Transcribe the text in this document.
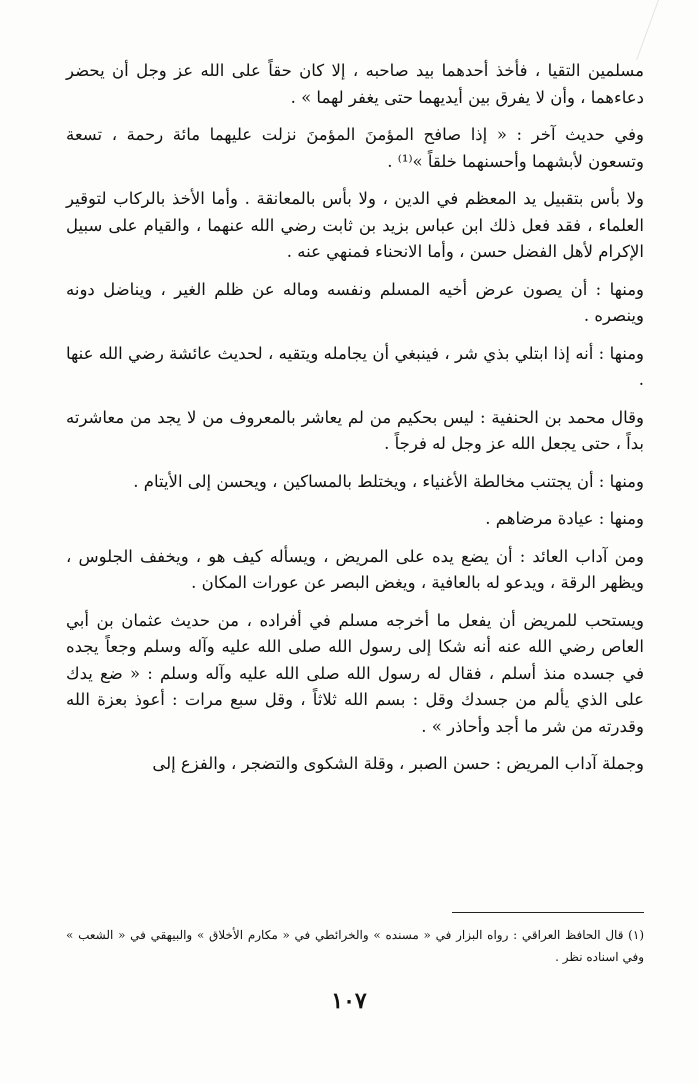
مسلمين التقيا ، فأخذ أحدهما بيد صاحبه ، إلا كان حقاً على الله عز وجل أن يحضر دعاءهما ، وأن لا يفرق بين أيديهما حتى يغفر لهما » .

وفي حديث آخر : « إذا صافح المؤمنَ المؤمنَ نزلت عليهما مائة رحمة ، تسعة وتسعون لأبشهما وأحسنهما خلقاً »⁽¹⁾ .

ولا بأس بتقبيل يد المعظم في الدين ، ولا بأس بالمعانقة . وأما الأخذ بالركاب لتوقير العلماء ، فقد فعل ذلك ابن عباس بزيد بن ثابت رضي الله عنهما ، والقيام على سبيل الإكرام لأهل الفضل حسن ، وأما الانحناء فمنهي عنه .

ومنها : أن يصون عرض أخيه المسلم ونفسه وماله عن ظلم الغير ، ويناضل دونه وينصره .

ومنها : أنه إذا ابتلي بذي شر ، فينبغي أن يجامله ويتقيه ، لحديث عائشة رضي الله عنها .

وقال محمد بن الحنفية : ليس بحكيم من لم يعاشر بالمعروف من لا يجد من معاشرته بداً ، حتى يجعل الله عز وجل له فرجاً .

ومنها : أن يجتنب مخالطة الأغنياء ، ويختلط بالمساكين ، ويحسن إلى الأيتام .

ومنها : عيادة مرضاهم .

ومن آداب العائد : أن يضع يده على المريض ، ويسأله كيف هو ، ويخفف الجلوس ، ويظهر الرقة ، ويدعو له بالعافية ، ويغض البصر عن عورات المكان .

ويستحب للمريض أن يفعل ما أخرجه مسلم في أفراده ، من حديث عثمان بن أبي العاص رضي الله عنه أنه شكا إلى رسول الله صلى الله عليه وآله وسلم وجعاً يجده في جسده منذ أسلم ، فقال له رسول الله صلى الله عليه وآله وسلم : « ضع يدك على الذي يألم من جسدك وقل : بسم الله ثلاثاً ، وقل سبع مرات : أعوذ بعزة الله وقدرته من شر ما أجد وأحاذر » .

وجملة آداب المريض : حسن الصبر ، وقلة الشكوى والتضجر ، والفزع إلى

(١) قال الحافظ العراقي : رواه البزار في « مسنده » والخرائطي في « مكارم الأخلاق » والبيهقي في « الشعب » وفي اسناده نظر .
١٠٧
